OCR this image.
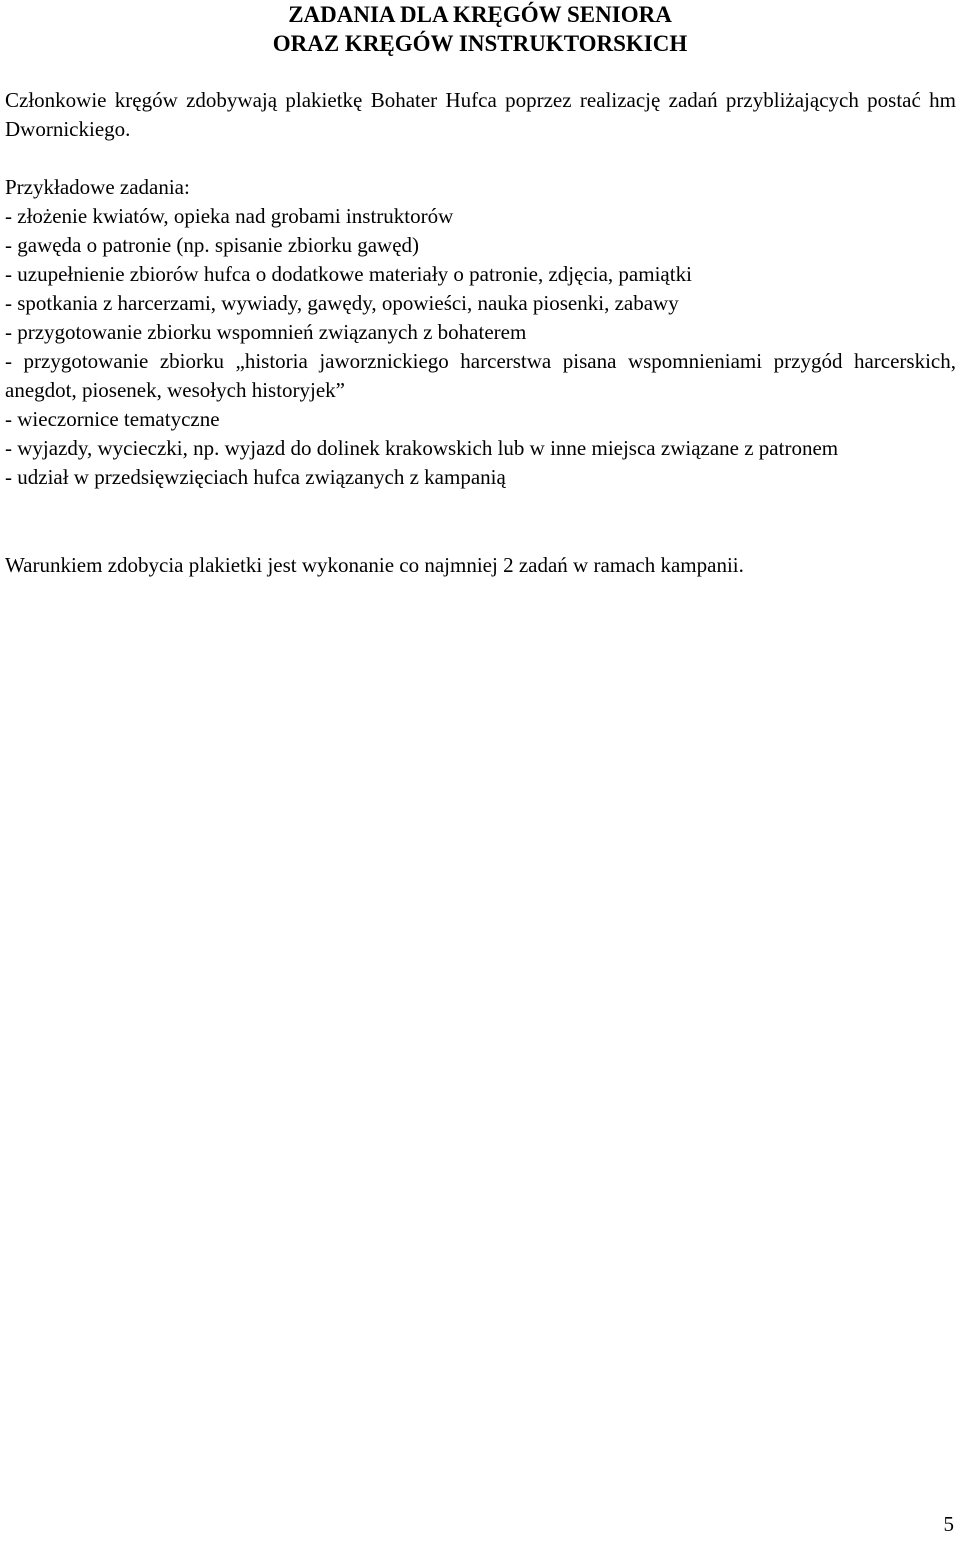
ZADANIA DLA KRĘGÓW SENIORA
ORAZ KRĘGÓW INSTRUKTORSKICH
Członkowie kręgów zdobywają plakietkę Bohater Hufca poprzez realizację zadań przybliżających postać hm Dwornickiego.
Przykładowe zadania:
- złożenie kwiatów, opieka nad grobami instruktorów
- gawęda o patronie (np. spisanie zbiorku gawęd)
- uzupełnienie zbiorów hufca o dodatkowe materiały o patronie, zdjęcia, pamiątki
- spotkania z harcerzami, wywiady, gawędy, opowieści, nauka piosenki, zabawy
- przygotowanie zbiorku wspomnień związanych z bohaterem
- przygotowanie zbiorku „historia jaworznickiego harcerstwa pisana wspomnieniami przygód harcerskich, anegdot, piosenek, wesołych historyjek”
- wieczornice tematyczne
- wyjazdy, wycieczki, np. wyjazd do dolinek krakowskich lub w inne miejsca związane z patronem
- udział w przedsięwzięciach hufca związanych z kampanią
Warunkiem zdobycia plakietki jest wykonanie co najmniej 2 zadań w ramach kampanii.
5
